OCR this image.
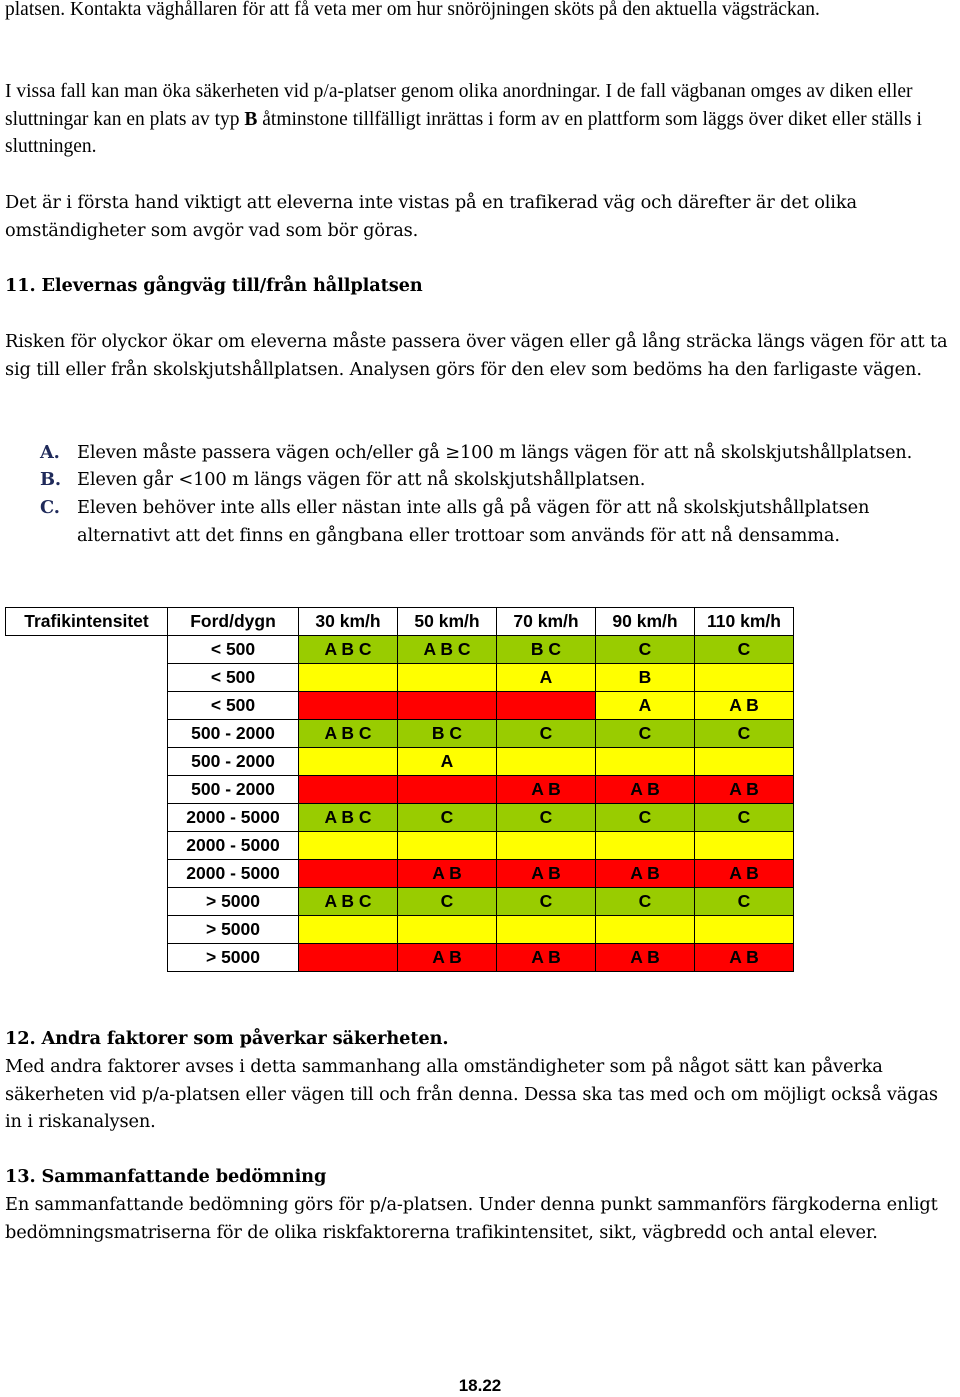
platsen. Kontakta väghållaren för att få veta mer om hur snöröjningen sköts på den aktuella vägsträckan.

I vissa fall kan man öka säkerheten vid p/a-platser genom olika anordningar. I de fall vägbanan omges av diken eller sluttningar kan en plats av typ B åtminstone tillfälligt inrättas i form av en plattform som läggs över diket eller ställs i sluttningen.

Det är i första hand viktigt att eleverna inte vistas på en trafikerad väg och därefter är det olika omständigheter som avgör vad som bör göras.

11. Elevernas gångväg till/från hållplatsen

Risken för olyckor ökar om eleverna måste passera över vägen eller gå lång sträcka längs vägen för att ta sig till eller från skolskjutshållplatsen. Analysen görs för den elev som bedöms ha den farligaste vägen.

A. Eleven måste passera vägen och/eller gå ≥100 m längs vägen för att nå skolskjutshållplatsen.

B. Eleven går <100 m längs vägen för att nå skolskjutshållplatsen.

C. Eleven behöver inte alls eller nästan inte alls gå på vägen för att nå skolskjutshållplatsen alternativt att det finns en gångbana eller trottoar som används för att nå densamma.

Trafikintensitet	Ford/dygn	30 km/h	50 km/h	70 km/h	90 km/h	110 km/h
	< 500	A B C	A B C	B C	C	C
	< 500			A	B	
	< 500				A	A B
	500 - 2000	A B C	B C	C	C	C
	500 - 2000		A			
	500 - 2000			A B	A B	A B
	2000 - 5000	A B C	C	C	C	C
	2000 - 5000					
	2000 - 5000		A B	A B	A B	A B
	> 5000	A B C	C	C	C	C
	> 5000					
	> 5000		A B	A B	A B	A B

12. Andra faktorer som påverkar säkerheten.

Med andra faktorer avses i detta sammanhang alla omständigheter som på något sätt kan påverka säkerheten vid p/a-platsen eller vägen till och från denna. Dessa ska tas med och om möjligt också vägas in i riskanalysen.

13. Sammanfattande bedömning

En sammanfattande bedömning görs för p/a-platsen. Under denna punkt sammanförs färgkoderna enligt bedömningsmatriserna för de olika riskfaktorerna trafikintensitet, sikt, vägbredd och antal elever.

18.22
